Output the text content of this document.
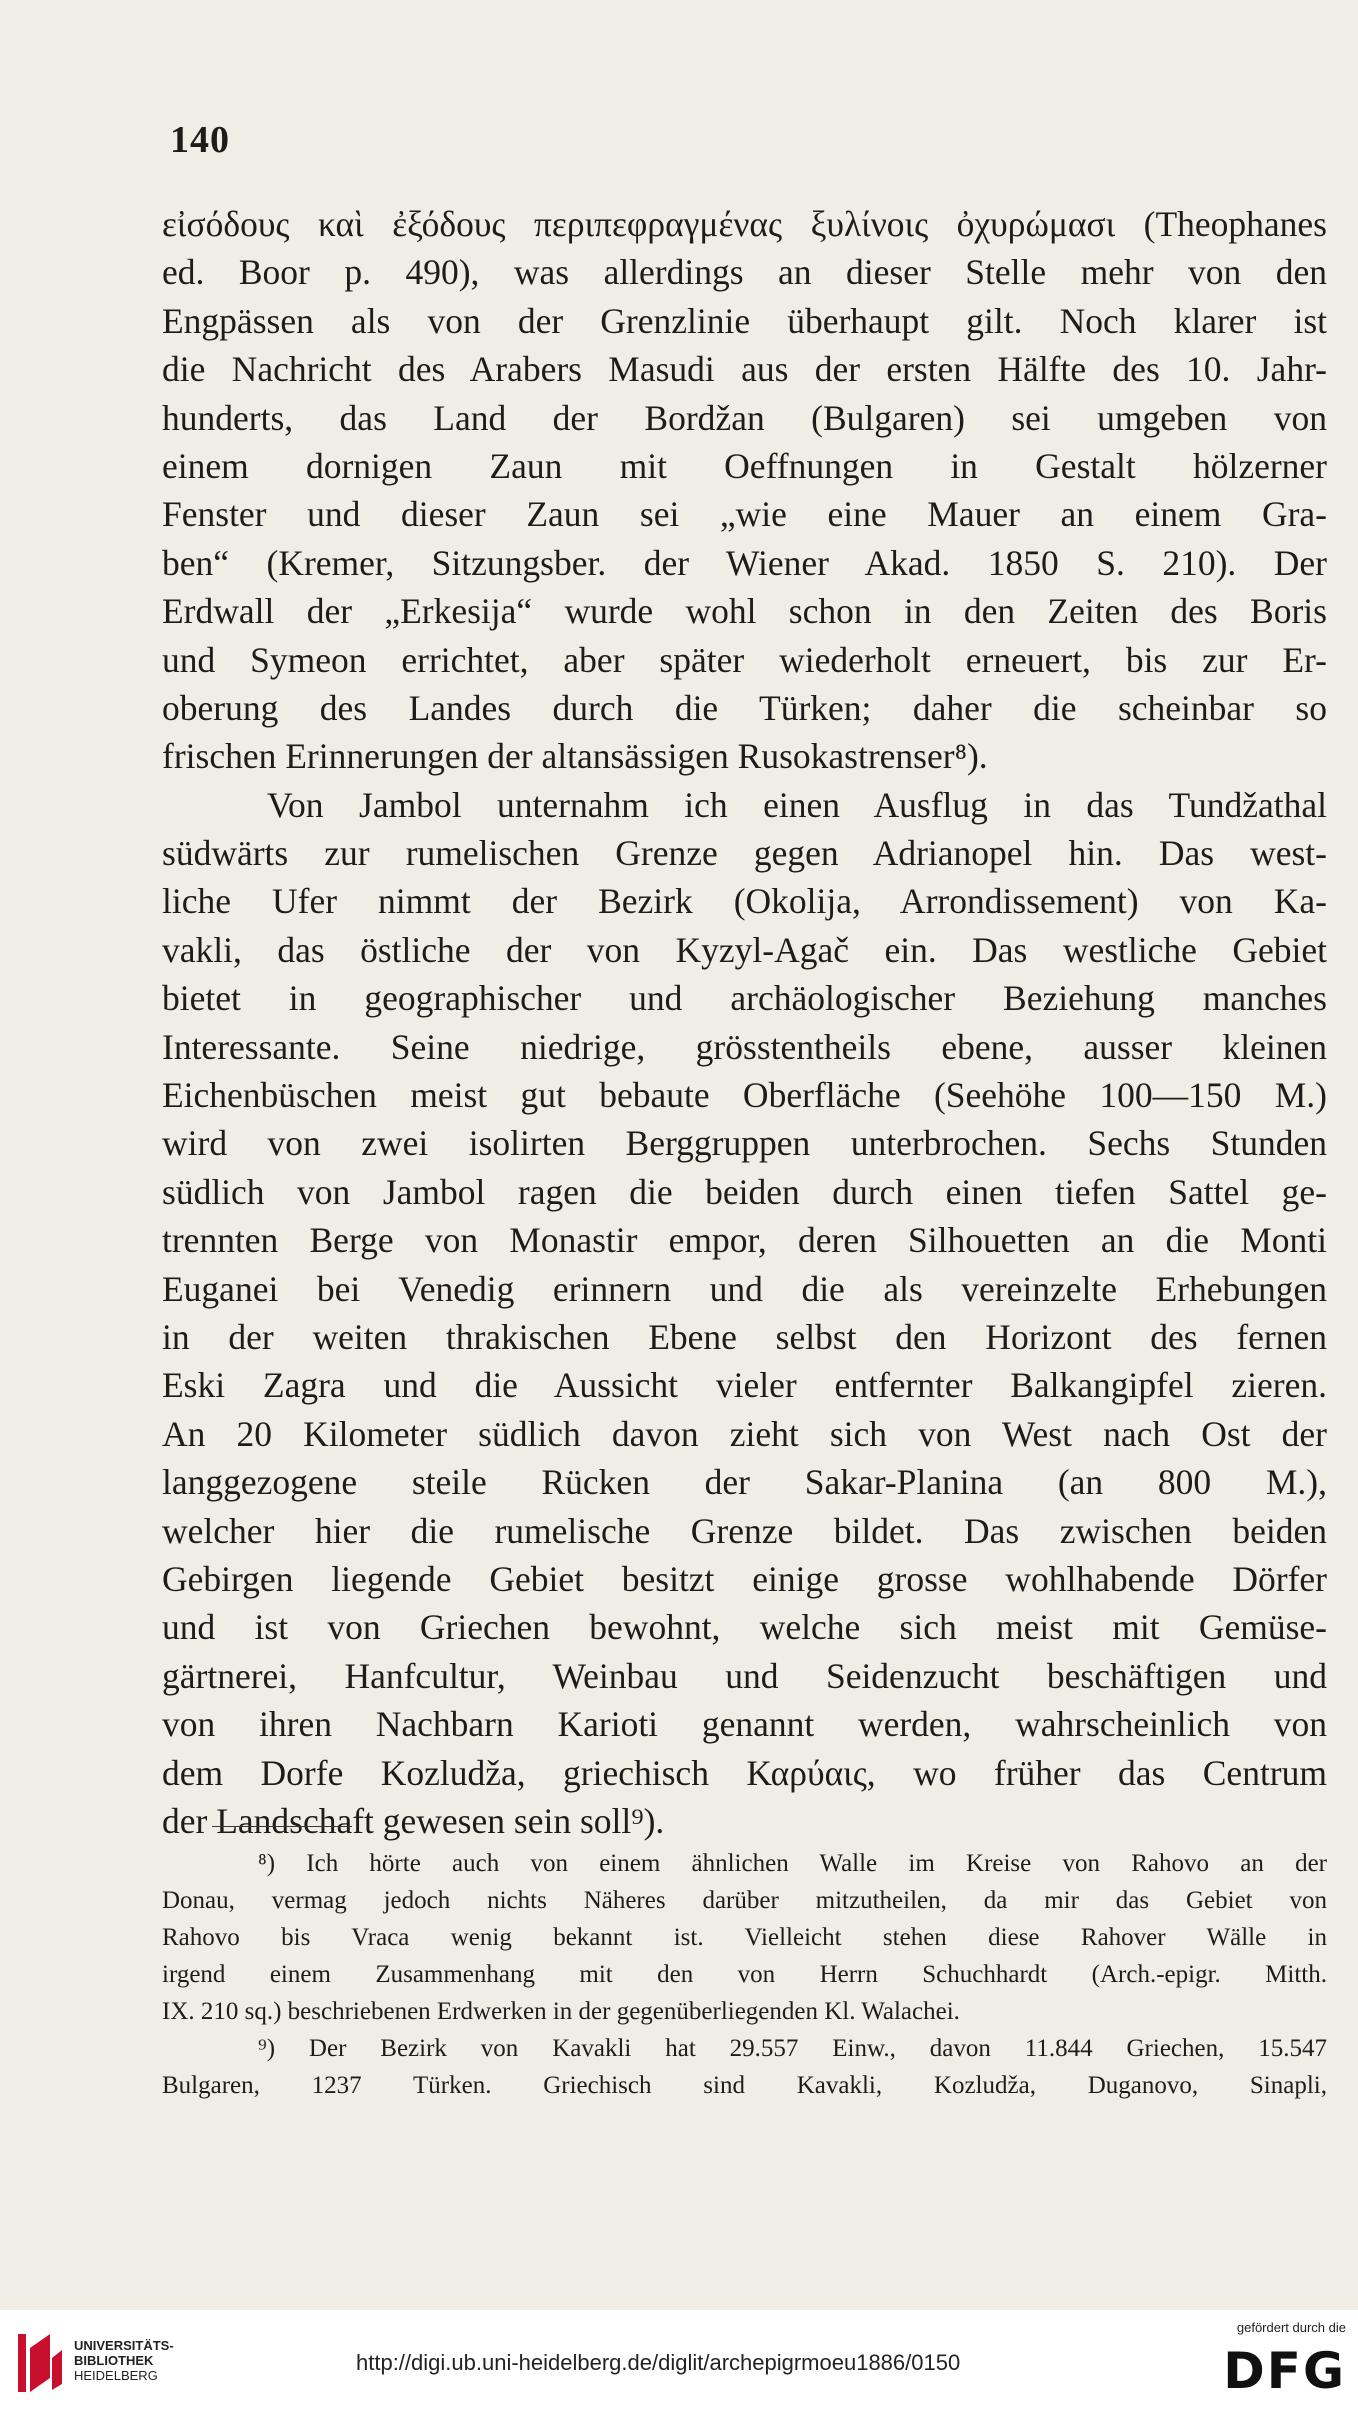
140
εἰσόδους καὶ ἐξόδους περιπεφραγμένας ξυλίνοις ὀχυρώμασι (Theophanes
ed. Boor p. 490), was allerdings an dieser Stelle mehr von den
Engpässen als von der Grenzlinie überhaupt gilt. Noch klarer ist
die Nachricht des Arabers Masudi aus der ersten Hälfte des 10. Jahr-
hunderts, das Land der Bordžan (Bulgaren) sei umgeben von
einem dornigen Zaun mit Oeffnungen in Gestalt hölzerner
Fenster und dieser Zaun sei „wie eine Mauer an einem Gra-
ben“ (Kremer, Sitzungsber. der Wiener Akad. 1850 S. 210). Der
Erdwall der „Erkesija“ wurde wohl schon in den Zeiten des Boris
und Symeon errichtet, aber später wiederholt erneuert, bis zur Er-
oberung des Landes durch die Türken; daher die scheinbar so
frischen Erinnerungen der altansässigen Rusokastrenser⁸).
Von Jambol unternahm ich einen Ausflug in das Tundžathal
südwärts zur rumelischen Grenze gegen Adrianopel hin. Das west-
liche Ufer nimmt der Bezirk (Okolija, Arrondissement) von Ka-
vakli, das östliche der von Kyzyl-Agač ein. Das westliche Gebiet
bietet in geographischer und archäologischer Beziehung manches
Interessante. Seine niedrige, grösstentheils ebene, ausser kleinen
Eichenbüschen meist gut bebaute Oberfläche (Seehöhe 100—150 M.)
wird von zwei isolirten Berggruppen unterbrochen. Sechs Stunden
südlich von Jambol ragen die beiden durch einen tiefen Sattel ge-
trennten Berge von Monastir empor, deren Silhouetten an die Monti
Euganei bei Venedig erinnern und die als vereinzelte Erhebungen
in der weiten thrakischen Ebene selbst den Horizont des fernen
Eski Zagra und die Aussicht vieler entfernter Balkangipfel zieren.
An 20 Kilometer südlich davon zieht sich von West nach Ost der
langgezogene steile Rücken der Sakar-Planina (an 800 M.),
welcher hier die rumelische Grenze bildet. Das zwischen beiden
Gebirgen liegende Gebiet besitzt einige grosse wohlhabende Dörfer
und ist von Griechen bewohnt, welche sich meist mit Gemüse-
gärtnerei, Hanfcultur, Weinbau und Seidenzucht beschäftigen und
von ihren Nachbarn Karioti genannt werden, wahrscheinlich von
dem Dorfe Kozludža, griechisch Καρύαις, wo früher das Centrum
der Landschaft gewesen sein soll⁹).
⁸) Ich hörte auch von einem ähnlichen Walle im Kreise von Rahovo an der
Donau, vermag jedoch nichts Näheres darüber mitzutheilen, da mir das Gebiet von
Rahovo bis Vraca wenig bekannt ist. Vielleicht stehen diese Rahover Wälle in
irgend einem Zusammenhang mit den von Herrn Schuchhardt (Arch.-epigr. Mitth.
IX. 210 sq.) beschriebenen Erdwerken in der gegenüberliegenden Kl. Walachei.
⁹) Der Bezirk von Kavakli hat 29.557 Einw., davon 11.844 Griechen, 15.547
Bulgaren, 1237 Türken. Griechisch sind Kavakli, Kozludža, Duganovo, Sinapli,
UNIVERSITÄTS-
BIBLIOTHEK
HEIDELBERG
http://digi.ub.uni-heidelberg.de/diglit/archepigrmoeu1886/0150
gefördert durch die
DFG
